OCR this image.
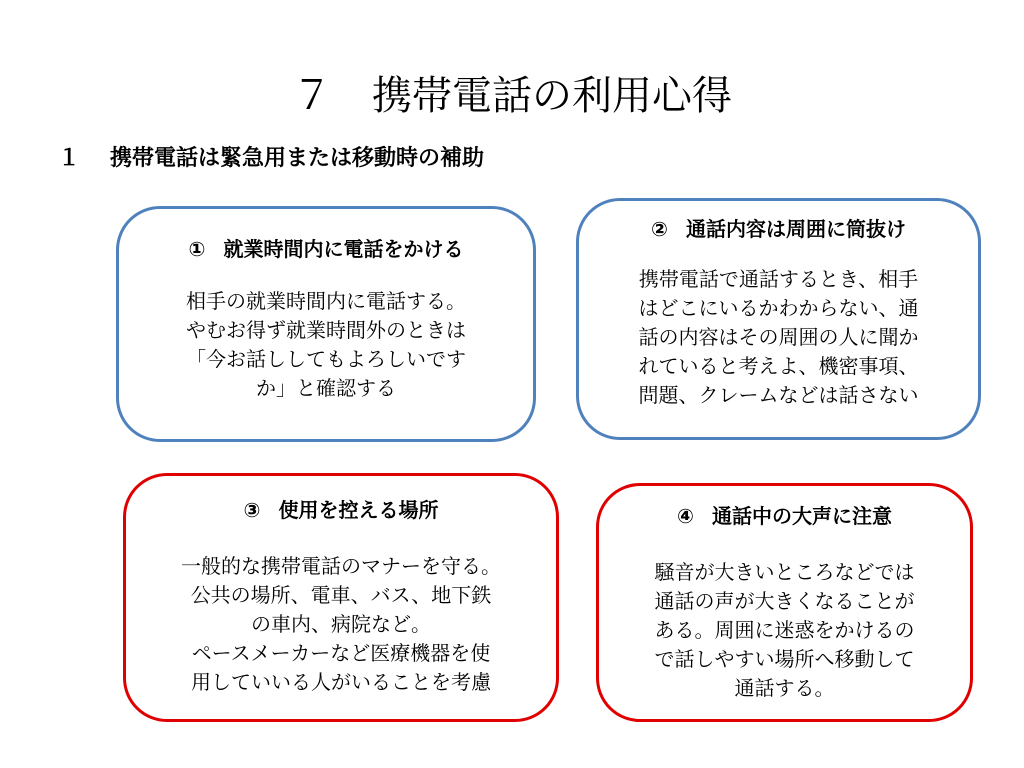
７　携帯電話の利用心得
１ 携帯電話は緊急用または移動時の補助
① 就業時間内に電話をかける
相手の就業時間内に電話する。
やむお得ず就業時間外のときは
「今お話ししてもよろしいです
か」と確認する
② 通話内容は周囲に筒抜け
携帯電話で通話するとき、相手
はどこにいるかわからない、通
話の内容はその周囲の人に聞か
れていると考えよ、機密事項、
問題、クレームなどは話さない
③ 使用を控える場所
一般的な携帯電話のマナーを守る。
公共の場所、電車、バス、地下鉄
の車内、病院など。
ペースメーカーなど医療機器を使
用していいる人がいることを考慮
④ 通話中の大声に注意
騒音が大きいところなどでは
通話の声が大きくなることが
ある。周囲に迷惑をかけるの
で話しやすい場所へ移動して
通話する。
